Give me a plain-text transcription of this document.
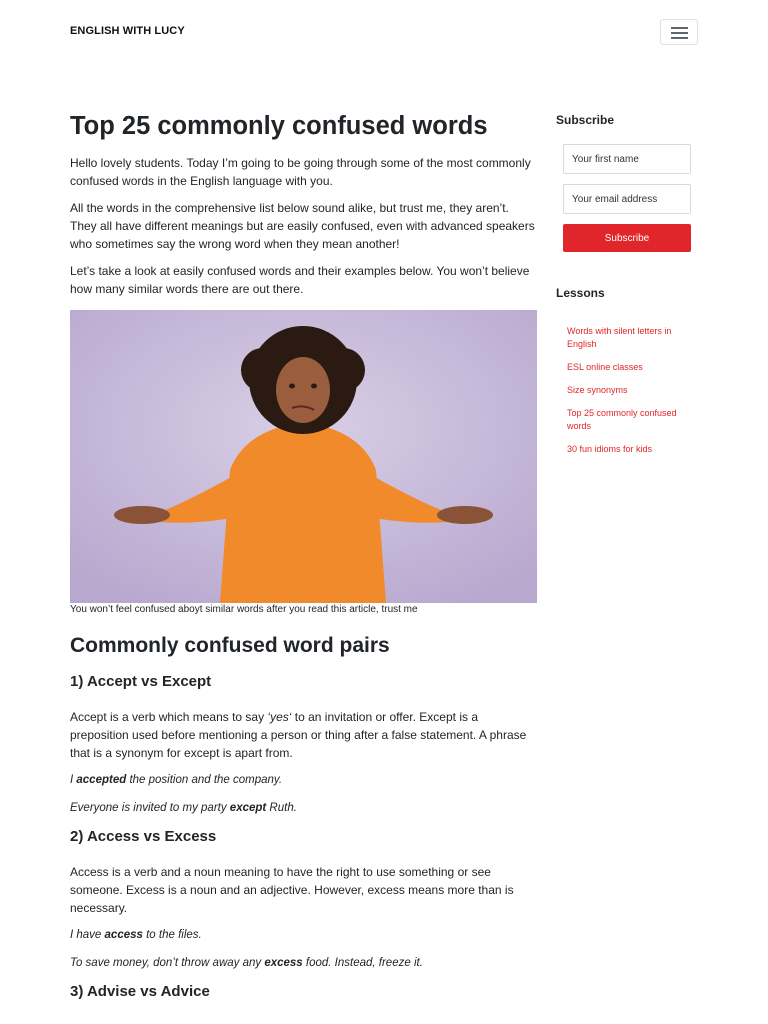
ENGLISH WITH LUCY
Top 25 commonly confused words

Hello lovely students. Today I’m going to be going through some of the most commonly confused words in the English language with you.

All the words in the comprehensive list below sound alike, but trust me, they aren’t. They all have different meanings but are easily confused, even with advanced speakers who sometimes say the wrong word when they mean another!

Let’s take a look at easily confused words and their examples below. You won’t believe how many similar words there are out there.

You won’t feel confused aboyt similar words after you read this article, trust me

Commonly confused word pairs
1) Accept vs Except

Accept is a verb which means to say ‘yes‘ to an invitation or offer. Except is a preposition used before mentioning a person or thing after a false statement. A phrase that is a synonym for except is apart from.

I accepted the position and the company.

Everyone is invited to my party except Ruth.

2) Access vs Excess

Access is a verb and a noun meaning to have the right to use something or see someone. Excess is a noun and an adjective. However, excess means more than is necessary.

I have access to the files.

To save money, don’t throw away any excess food. Instead, freeze it.

3) Advise vs Advice
Subscribe
Your first name
Your email address
Subscribe
Lessons
Words with silent letters in English
ESL online classes
Size synonyms
Top 25 commonly confused words
30 fun idioms for kids
